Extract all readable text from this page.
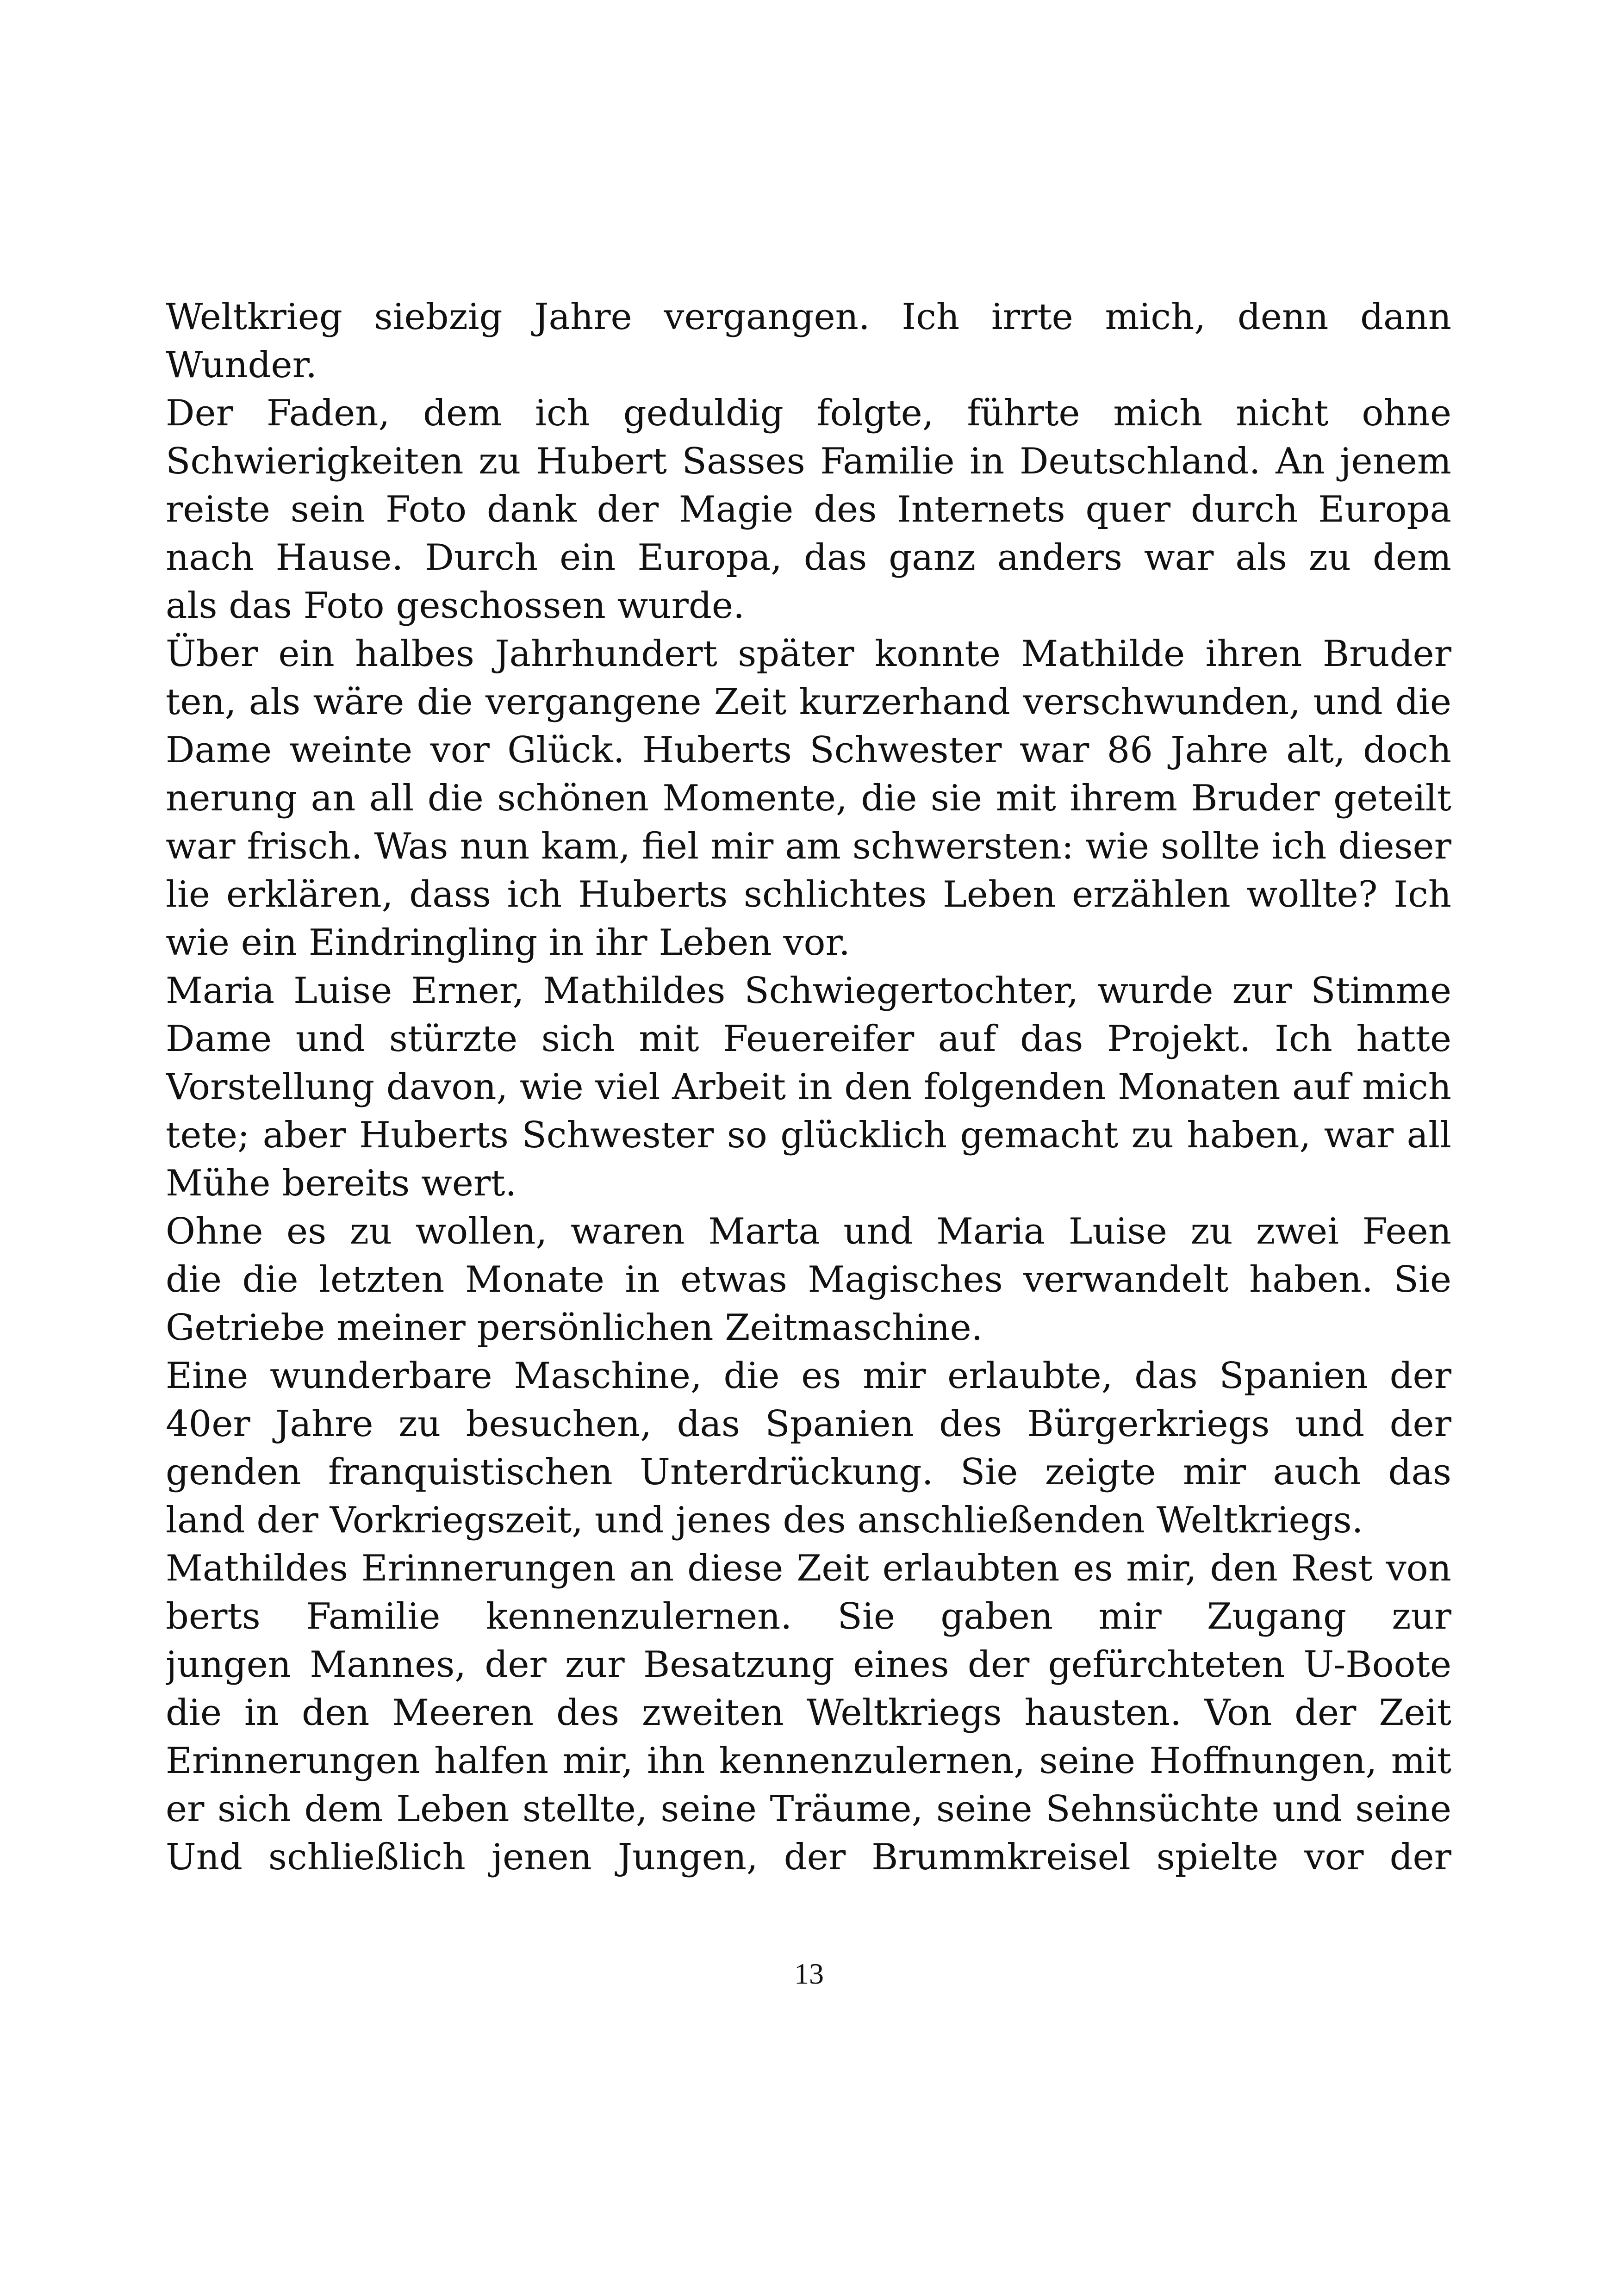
Weltkrieg siebzig Jahre vergangen. Ich irrte mich, denn dann
Wunder.
Der Faden, dem ich geduldig folgte, führte mich nicht ohne
Schwierigkeiten zu Hubert Sasses Familie in Deutschland. An jenem
reiste sein Foto dank der Magie des Internets quer durch Europa
nach Hause. Durch ein Europa, das ganz anders war als zu dem
als das Foto geschossen wurde.
Über ein halbes Jahrhundert später konnte Mathilde ihren Bruder
ten, als wäre die vergangene Zeit kurzerhand verschwunden, und die
Dame weinte vor Glück. Huberts Schwester war 86 Jahre alt, doch
nerung an all die schönen Momente, die sie mit ihrem Bruder geteilt
war frisch. Was nun kam, fiel mir am schwersten: wie sollte ich dieser
lie erklären, dass ich Huberts schlichtes Leben erzählen wollte? Ich
wie ein Eindringling in ihr Leben vor.
Maria Luise Erner, Mathildes Schwiegertochter, wurde zur Stimme
Dame und stürzte sich mit Feuereifer auf das Projekt. Ich hatte
Vorstellung davon, wie viel Arbeit in den folgenden Monaten auf mich
tete; aber Huberts Schwester so glücklich gemacht zu haben, war all
Mühe bereits wert.
Ohne es zu wollen, waren Marta und Maria Luise zu zwei Feen
die die letzten Monate in etwas Magisches verwandelt haben. Sie
Getriebe meiner persönlichen Zeitmaschine.
Eine wunderbare Maschine, die es mir erlaubte, das Spanien der
40er Jahre zu besuchen, das Spanien des Bürgerkriegs und der
genden franquistischen Unterdrückung. Sie zeigte mir auch das
land der Vorkriegszeit, und jenes des anschließenden Weltkriegs.
Mathildes Erinnerungen an diese Zeit erlaubten es mir, den Rest von
berts Familie kennenzulernen. Sie gaben mir Zugang zur
jungen Mannes, der zur Besatzung eines der gefürchteten U-Boote
die in den Meeren des zweiten Weltkriegs hausten. Von der Zeit
Erinnerungen halfen mir, ihn kennenzulernen, seine Hoffnungen, mit
er sich dem Leben stellte, seine Träume, seine Sehnsüchte und seine
Und schließlich jenen Jungen, der Brummkreisel spielte vor der
13
